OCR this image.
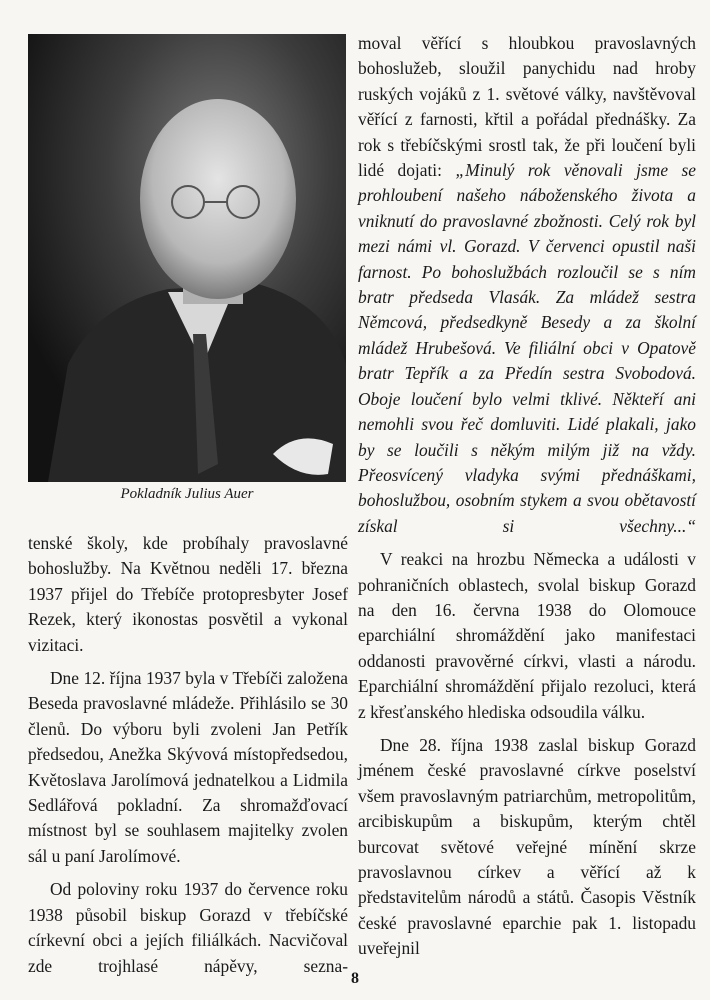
Pokladník Julius Auer

moval věřící s hloubkou pravoslavných bohoslužeb, sloužil panychidu nad hroby ruských vojáků z 1. světové války, navštěvoval věřící z farnosti, křtil a pořádal přednášky. Za rok s třebíčskými srostl tak, že při loučení byli lidé dojati: „Minulý rok věnovali jsme se prohloubení našeho náboženského života a vniknutí do pravoslavné zbožnosti. Celý rok byl mezi námi vl. Gorazd. V červenci opustil naši farnost. Po bohoslužbách rozloučil se s ním bratr předseda Vlasák. Za mládež sestra Němcová, předsedkyně Besedy a za školní mládež Hrubešová. Ve filiální obci v Opatově bratr Tepřík a za Předín sestra Svobodová. Oboje loučení bylo velmi tklivé. Někteří ani nemohli svou řeč domluviti. Lidé plakali, jako by se loučili s někým milým již na vždy. Přeosvícený vladyka svými přednáškami, bohoslužbou, osobním stykem a svou obětavostí získal si všechny...“

V reakci na hrozbu Německa a události v pohraničních oblastech, svolal biskup Gorazd na den 16. června 1938 do Olomouce eparchiální shromáždění jako manifestaci oddanosti pravověrné církvi, vlasti a národu. Eparchiální shromáždění přijalo rezoluci, která z křesťanského hlediska odsoudila válku.

Dne 28. října 1938 zaslal biskup Gorazd jménem české pravoslavné církve poselství všem pravoslavným patriarchům, metropolitům, arcibiskupům a biskupům, kterým chtěl burcovat světové veřejné mínění skrze pravoslavnou církev a věřící až k představitelům národů a států. Časopis Věstník české pravoslavné eparchie pak 1. listopadu uveřejnil

tenské školy, kde probíhaly pravoslavné bohoslužby. Na Květnou neděli 17. března 1937 přijel do Třebíče protopresbyter Josef Rezek, který ikonostas posvětil a vykonal vizitaci.

Dne 12. října 1937 byla v Třebíči založena Beseda pravoslavné mládeže. Přihlásilo se 30 členů. Do výboru byli zvoleni Jan Petřík předsedou, Anežka Skývová místopředsedou, Květoslava Jarolímová jednatelkou a Lidmila Sedlářová pokladní. Za shromažďovací místnost byl se souhlasem majitelky zvolen sál u paní Jarolímové.

Od poloviny roku 1937 do července roku 1938 působil biskup Gorazd v třebíčské církevní obci a jejích filiálkách. Nacvičoval zde trojhlasé nápěvy, sezna-

8
